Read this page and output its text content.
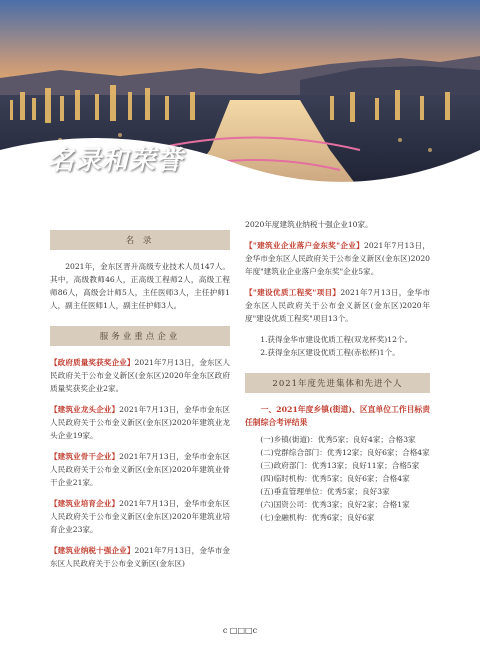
名录和荣誉
名 录

2021年，金东区晋升高级专业技术人员147人。其中，高级教师46人，正高级工程师2人，高级工程师86人，高级会计师5人，主任医师3人，主任护师1人，副主任医师1人，副主任护师3人。

服务业重点企业

【政府质量奖获奖企业】2021年7月13日，金东区人民政府关于公布金义新区(金东区)2020年金东区政府质量奖获奖企业2家。

【建筑业龙头企业】2021年7月13日，金华市金东区人民政府关于公布金义新区(金东区)2020年建筑业龙头企业19家。

【建筑业骨干企业】2021年7月13日，金华市金东区人民政府关于公布金义新区(金东区)2020年建筑业骨干企业21家。

【建筑业培育企业】2021年7月13日，金华市金东区人民政府关于公布金义新区(金东区)2020年建筑业培育企业23家。

【建筑业纳税十强企业】2021年7月13日，金华市金东区人民政府关于公布金义新区(金东区)

2020年度建筑业纳税十强企业10家。

【"建筑业企业落户金东奖"企业】2021年7月13日，金华市金东区人民政府关于公布金义新区(金东区)2020年度"建筑业企业落户金东奖"企业5家。

【"建设优质工程奖"项目】2021年7月13日，金华市金东区人民政府关于公布金义新区(金东区)2020年度"建设优质工程奖"项目13个。

1.获得金华市建设优质工程(双龙杯奖)12个。

2.获得金东区建设优质工程(赤松杯)1个。

2021年度先进集体和先进个人

一、2021年度乡镇(街道)、区直单位工作目标责任制综合考评结果

(一)乡镇(街道)：优秀5家；良好4家；合格3家

(二)党群综合部门：优秀12家；良好6家；合格4家

(三)政府部门：优秀13家；良好11家；合格5家

(四)临时机构：优秀5家；良好6家；合格4家

(五)垂直管理单位：优秀5家；良好3家

(六)国资公司：优秀3家；良好2家；合格1家

(七)金融机构：优秀6家；良好6家

c □□□c
